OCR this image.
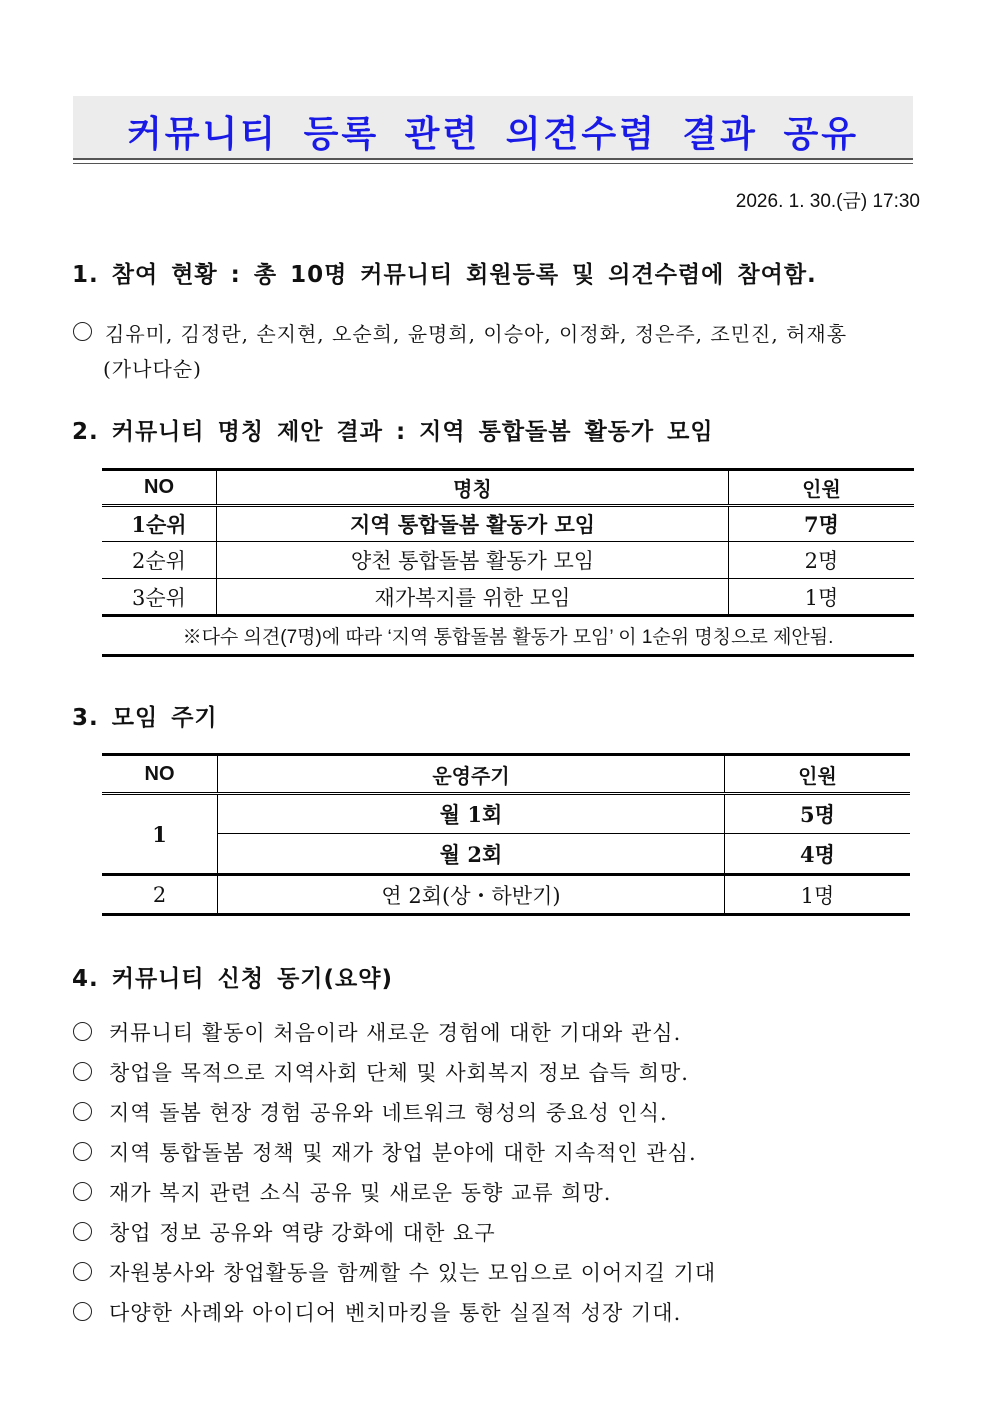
커뮤니티 등록 관련 의견수렴 결과 공유
2026. 1. 30.(금) 17:30
1. 참여 현황 : 총 10명 커뮤니티 회원등록 및 의견수렴에 참여함.
김유미, 김정란, 손지현, 오순희, 윤명희, 이승아, 이정화, 정은주, 조민진, 허재홍
(가나다순)
2. 커뮤니티 명칭 제안 결과 : 지역 통합돌봄 활동가 모임
NO	명칭	인원
1순위	지역 통합돌봄 활동가 모임	7명
2순위	양천 통합돌봄 활동가 모임	2명
3순위	재가복지를 위한 모임	1명
※다수 의견(7명)에 따라 ‘지역 통합돌봄 활동가 모임’ 이 1순위 명칭으로 제안됨.		
3. 모임 주기
NO	운영주기	인원
1	월 1회	5명
	월 2회	4명
2	연 2회(상・하반기)	1명
4. 커뮤니티 신청 동기(요약)
커뮤니티 활동이 처음이라 새로운 경험에 대한 기대와 관심.
창업을 목적으로 지역사회 단체 및 사회복지 정보 습득 희망.
지역 돌봄 현장 경험 공유와 네트워크 형성의 중요성 인식.
지역 통합돌봄 정책 및 재가 창업 분야에 대한 지속적인 관심.
재가 복지 관련 소식 공유 및 새로운 동향 교류 희망.
창업 정보 공유와 역량 강화에 대한 요구
자원봉사와 창업활동을 함께할 수 있는 모임으로 이어지길 기대
다양한 사례와 아이디어 벤치마킹을 통한 실질적 성장 기대.
